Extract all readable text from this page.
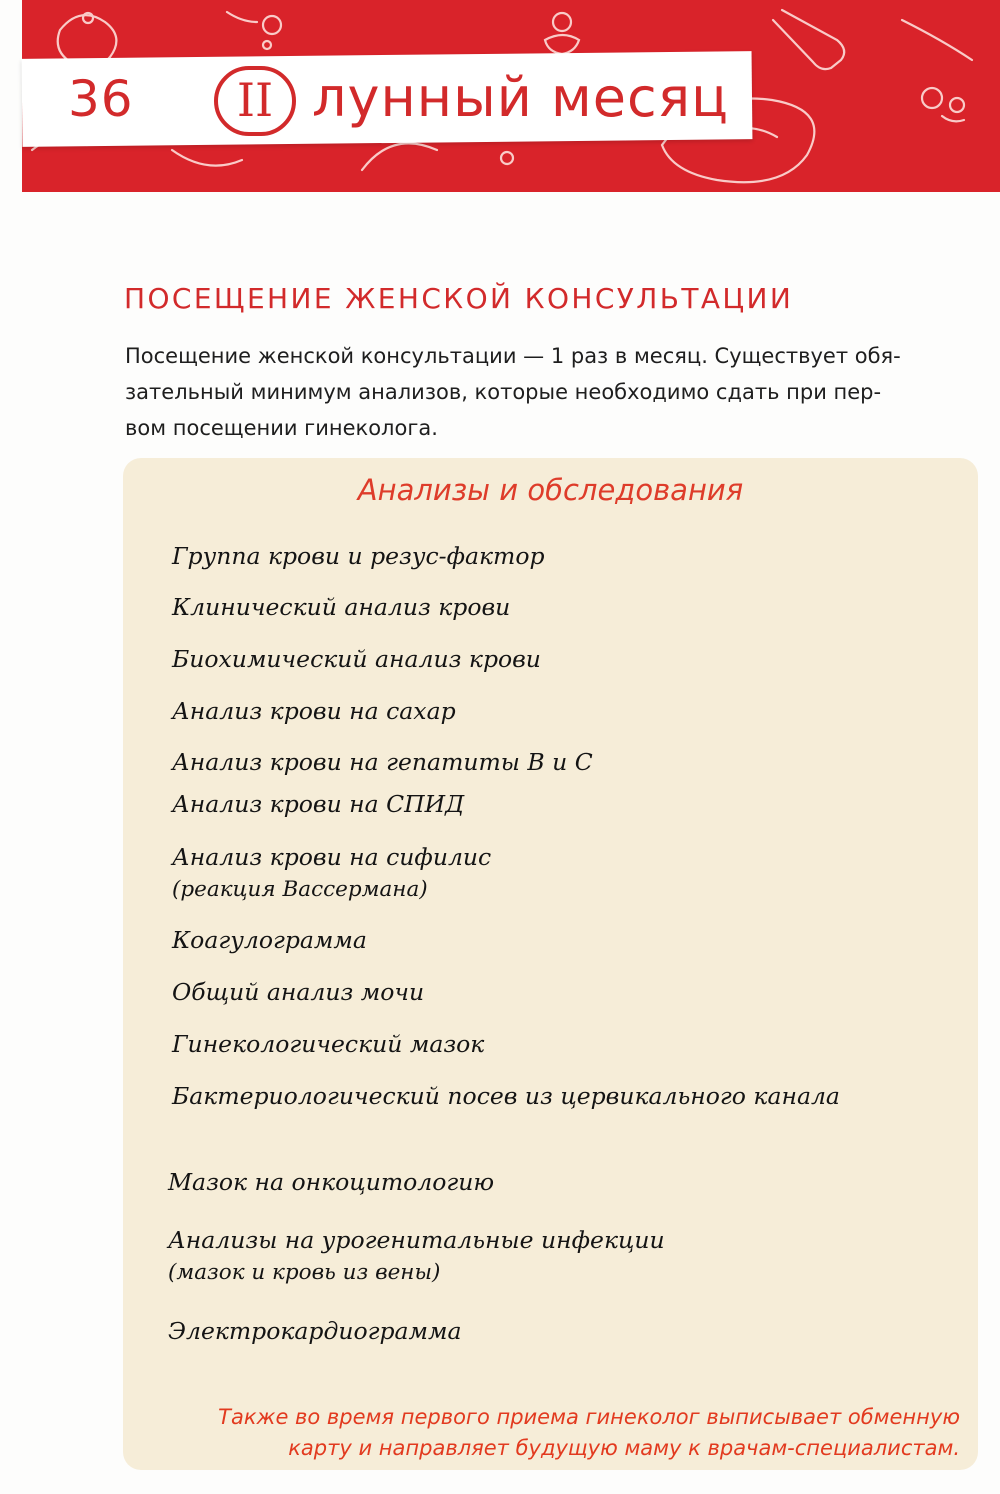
36	II лунный месяц
ПОСЕЩЕНИЕ ЖЕНСКОЙ КОНСУЛЬТАЦИИ
Посещение женской консультации — 1 раз в месяц. Существует обя-
зательный минимум анализов, которые необходимо сдать при пер-
вом посещении гинеколога.
Анализы и обследования
Группа крови и резус-фактор
Клинический анализ крови
Биохимический анализ крови
Анализ крови на сахар
Анализ крови на гепатиты В и С
Анализ крови на СПИД
Анализ крови на сифилис
(реакция Вассермана)
Коагулограмма
Общий анализ мочи
Гинекологический мазок
Бактериологический посев из цервикального канала
Мазок на онкоцитологию
Анализы на урогенитальные инфекции
(мазок и кровь из вены)
Электрокардиограмма
Также во время первого приема гинеколог выписывает обменную
карту и направляет будущую маму к врачам-специалистам.
